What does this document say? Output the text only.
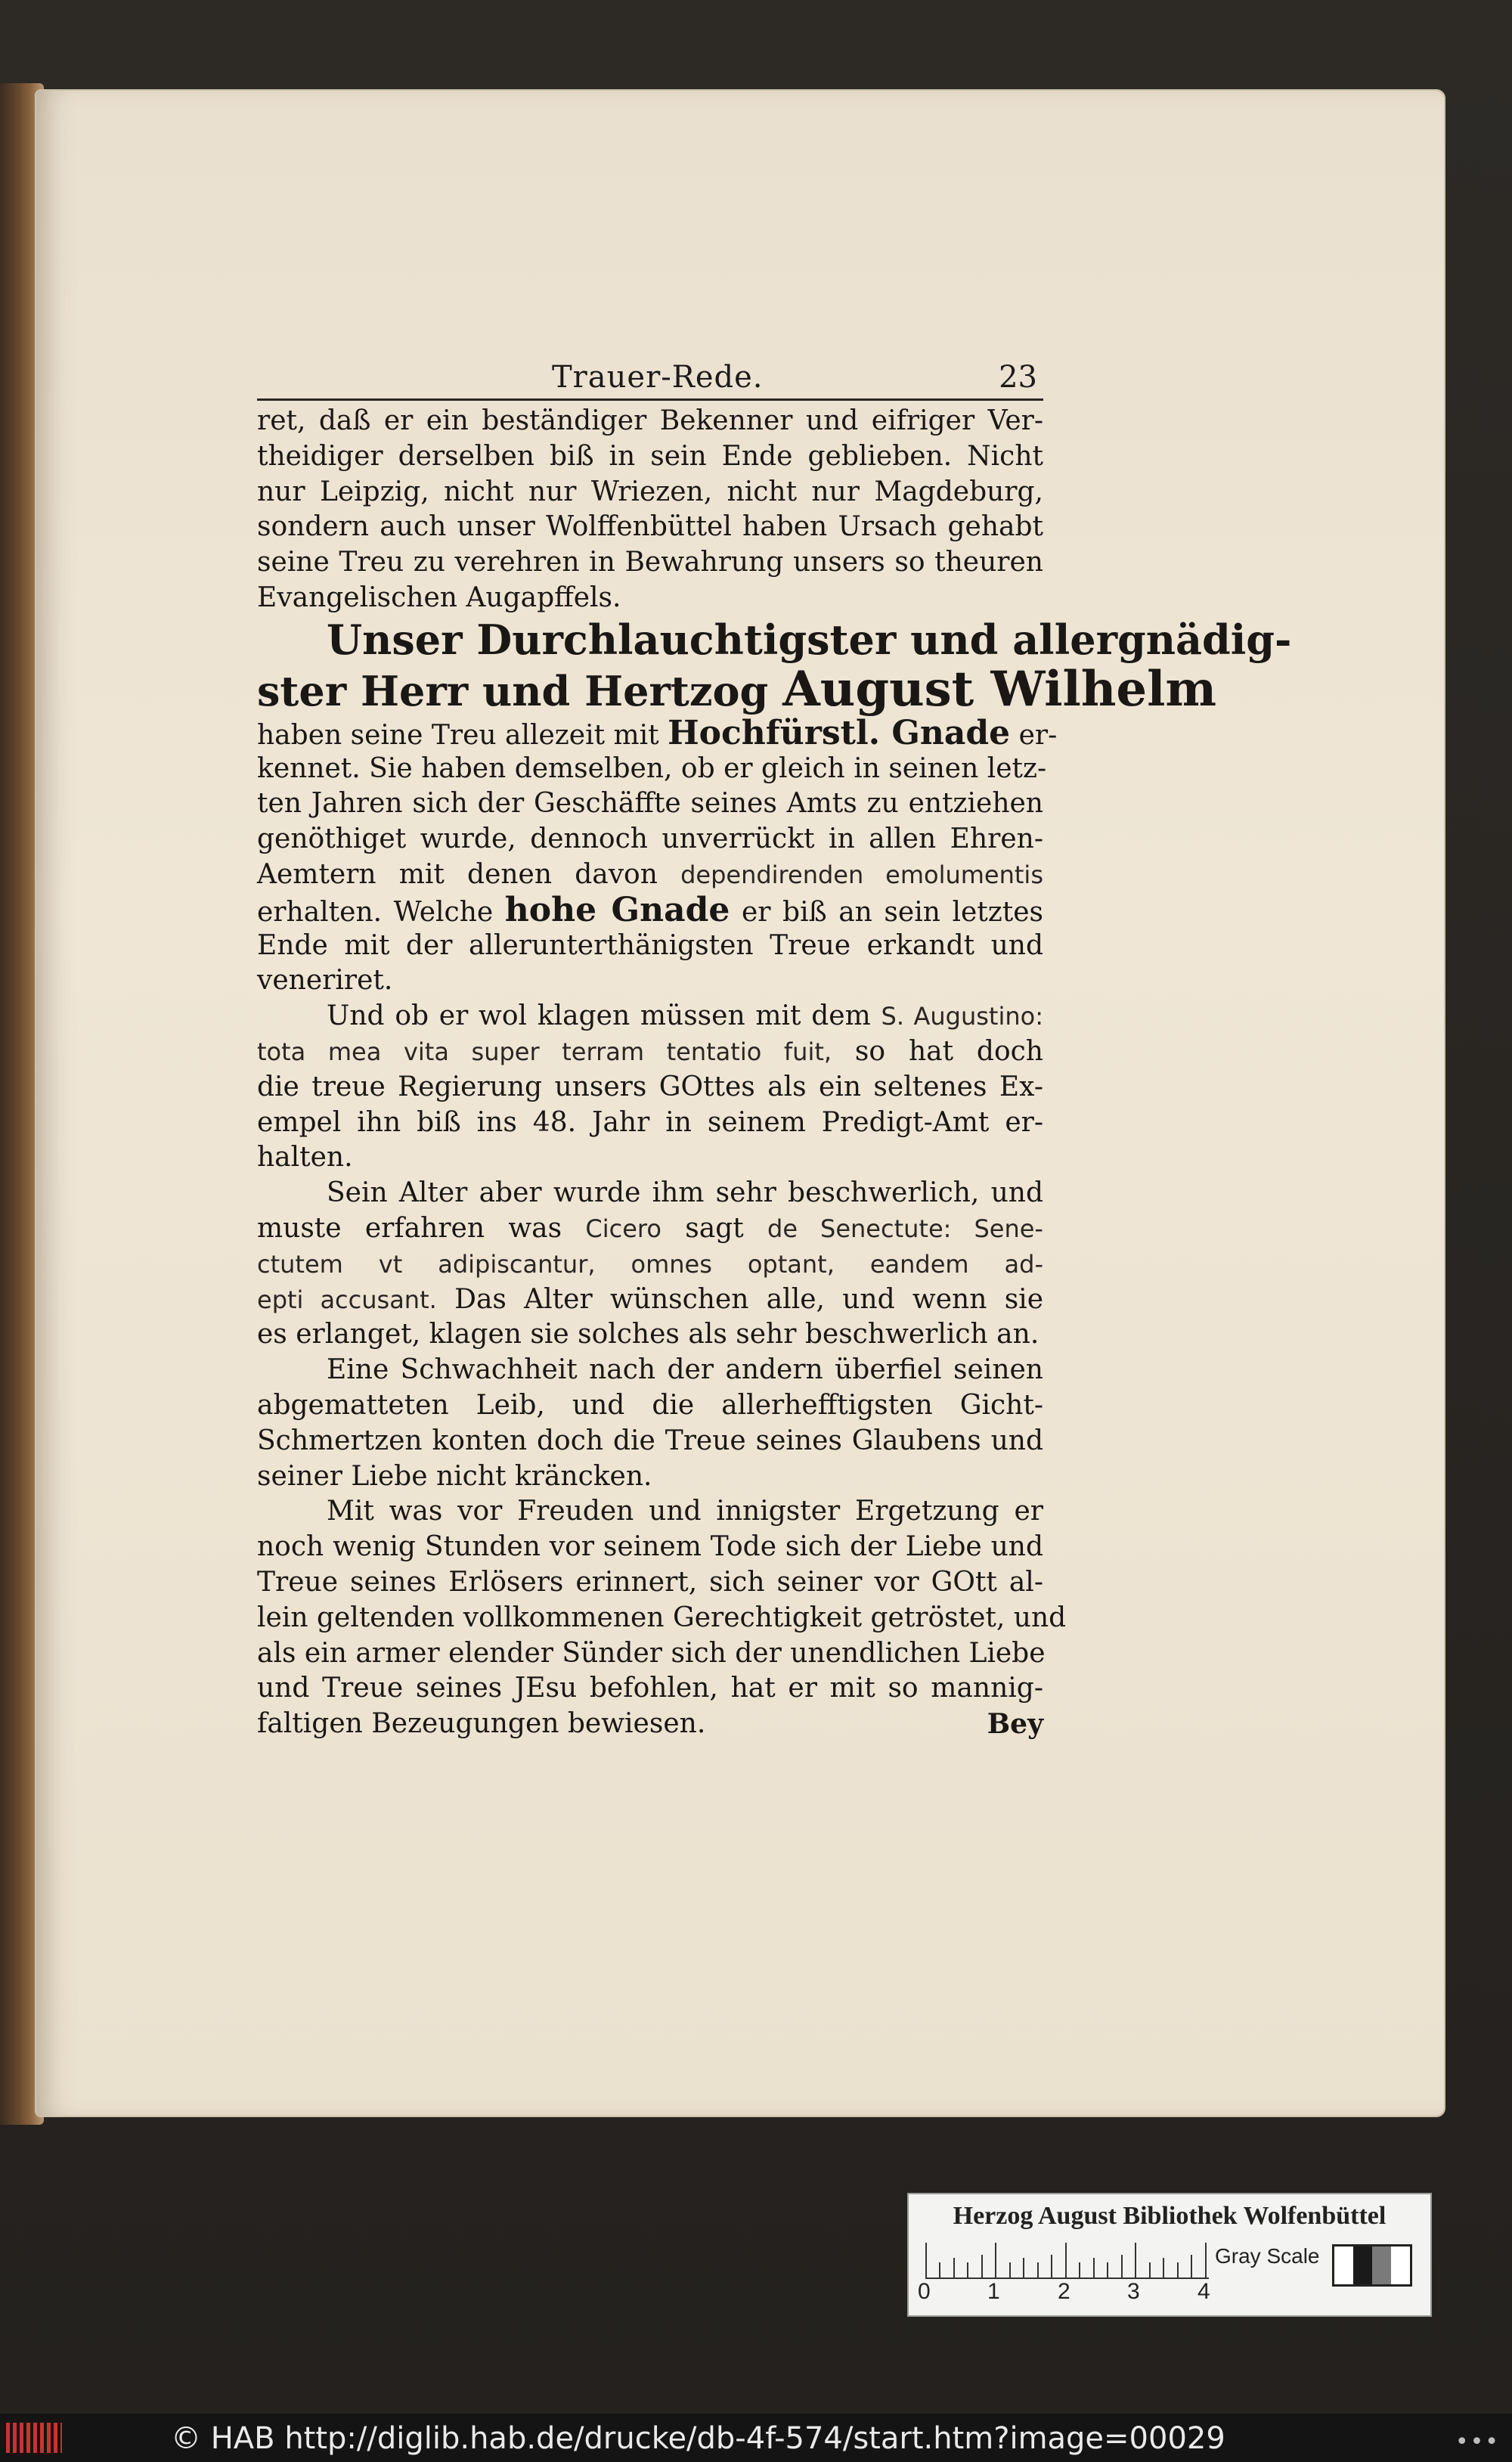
Trauer-Rede.	23
ret, daß er ein beständiger Bekenner und eifriger Ver-
theidiger derselben biß in sein Ende geblieben. Nicht
nur Leipzig, nicht nur Wriezen, nicht nur Magdeburg,
sondern auch unser Wolffenbüttel haben Ursach gehabt
seine Treu zu verehren in Bewahrung unsers so theuren
Evangelischen Augapffels.
Unser Durchlauchtigster und allergnädig-
ster Herr und Hertzog August Wilhelm
haben seine Treu allezeit mit Hochfürstl. Gnade er-
kennet. Sie haben demselben, ob er gleich in seinen letz-
ten Jahren sich der Geschäffte seines Amts zu entziehen
genöthiget wurde, dennoch unverrückt in allen Ehren-
Aemtern mit denen davon dependirenden emolumentis
erhalten. Welche hohe Gnade er biß an sein letztes
Ende mit der allerunterthänigsten Treue erkandt und
veneriret.
Und ob er wol klagen müssen mit dem S. Augustino:
tota mea vita super terram tentatio fuit, so hat doch
die treue Regierung unsers GOttes als ein seltenes Ex-
empel ihn biß ins 48. Jahr in seinem Predigt-Amt er-
halten.
Sein Alter aber wurde ihm sehr beschwerlich, und
muste erfahren was Cicero sagt de Senectute: Sene-
ctutem vt adipiscantur, omnes optant, eandem ad-
epti accusant. Das Alter wünschen alle, und wenn sie
es erlanget, klagen sie solches als sehr beschwerlich an.
Eine Schwachheit nach der andern überfiel seinen
abgematteten Leib, und die allerhefftigsten Gicht-
Schmertzen konten doch die Treue seines Glaubens und
seiner Liebe nicht kräncken.
Mit was vor Freuden und innigster Ergetzung er
noch wenig Stunden vor seinem Tode sich der Liebe und
Treue seines Erlösers erinnert, sich seiner vor GOtt al-
lein geltenden vollkommenen Gerechtigkeit getröstet, und
als ein armer elender Sünder sich der unendlichen Liebe
und Treue seines JEsu befohlen, hat er mit so mannig-
faltigen Bezeugungen bewiesen.	Bey
Herzog August Bibliothek Wolfenbüttel
0	1	2	3	4
Gray Scale
© HAB http://diglib.hab.de/drucke/db-4f-574/start.htm?image=00029	•••
